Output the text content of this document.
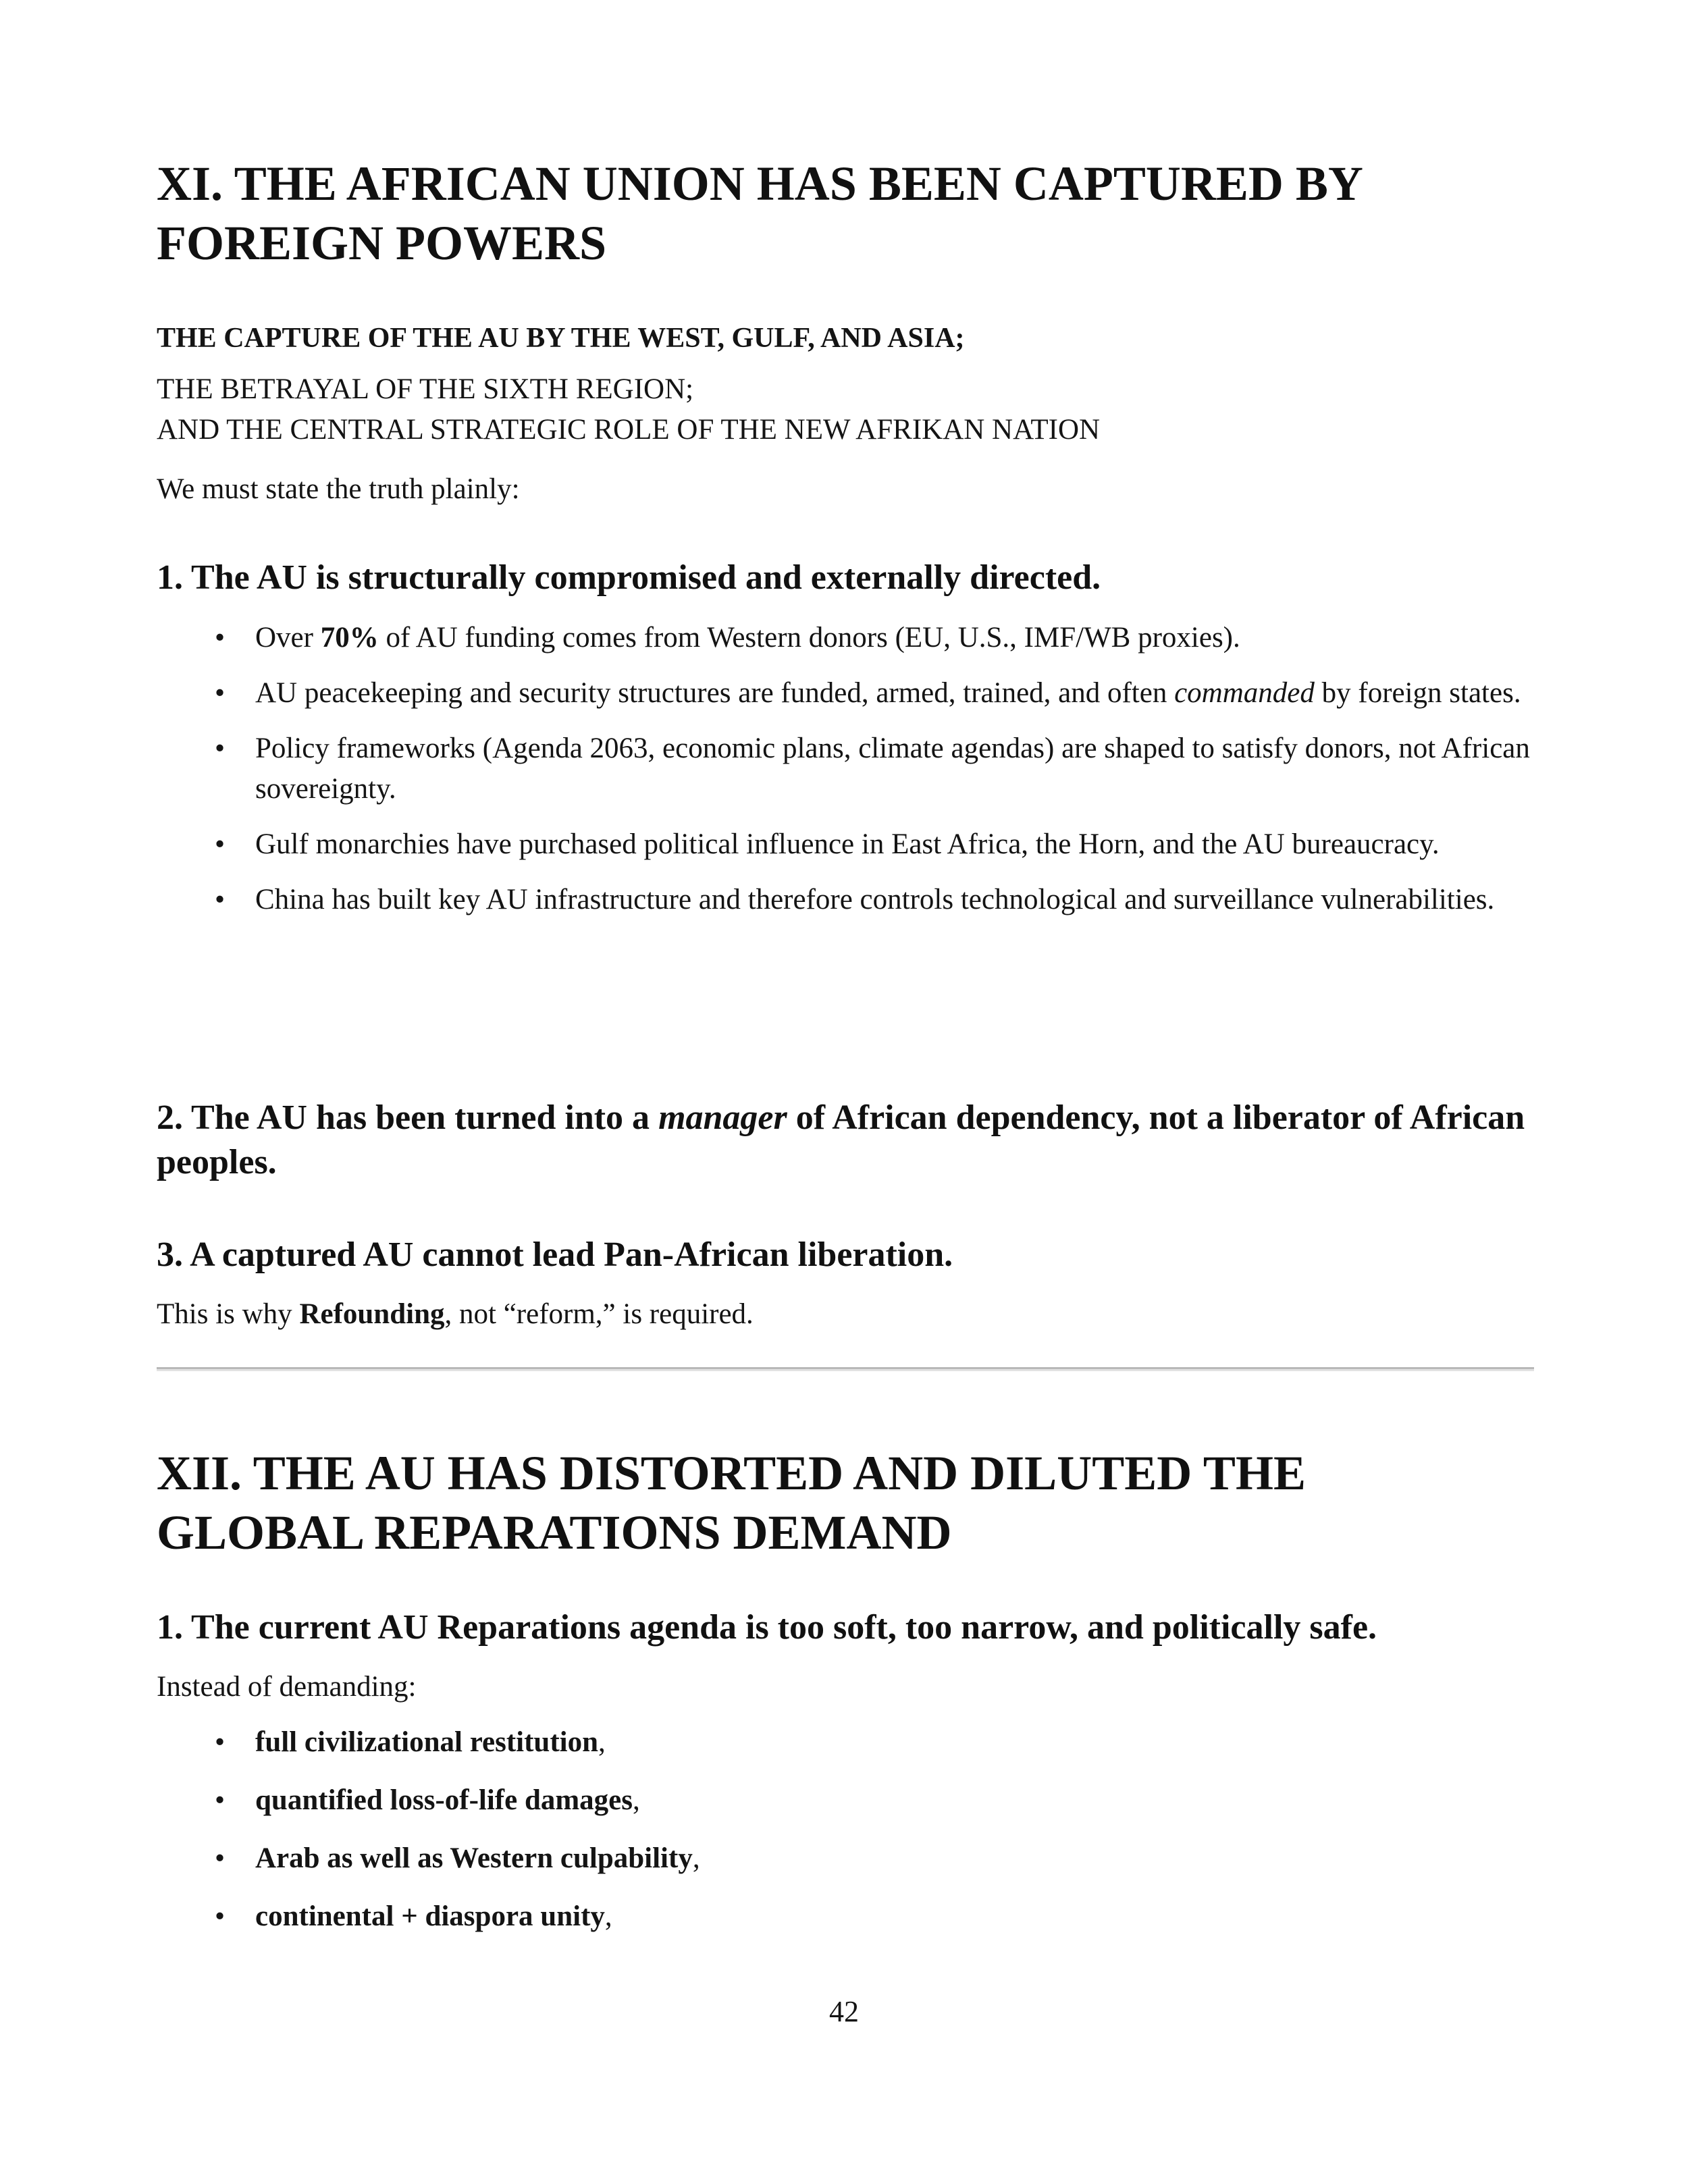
XI. THE AFRICAN UNION HAS BEEN CAPTURED BY
FOREIGN POWERS
THE CAPTURE OF THE AU BY THE WEST, GULF, AND ASIA;
THE BETRAYAL OF THE SIXTH REGION;
AND THE CENTRAL STRATEGIC ROLE OF THE NEW AFRIKAN NATION
We must state the truth plainly:
1. The AU is structurally compromised and externally directed.
• Over 70% of AU funding comes from Western donors (EU, U.S., IMF/WB proxies).
• AU peacekeeping and security structures are funded, armed, trained, and often commanded by foreign states.
• Policy frameworks (Agenda 2063, economic plans, climate agendas) are shaped to satisfy donors, not African sovereignty.
• Gulf monarchies have purchased political influence in East Africa, the Horn, and the AU bureaucracy.
• China has built key AU infrastructure and therefore controls technological and surveillance vulnerabilities.
2. The AU has been turned into a manager of African dependency, not a liberator of African peoples.
3. A captured AU cannot lead Pan-African liberation.
This is why Refounding, not “reform,” is required.
XII. THE AU HAS DISTORTED AND DILUTED THE
GLOBAL REPARATIONS DEMAND
1. The current AU Reparations agenda is too soft, too narrow, and politically safe.
Instead of demanding:
• full civilizational restitution,
• quantified loss-of-life damages,
• Arab as well as Western culpability,
• continental + diaspora unity,
42
